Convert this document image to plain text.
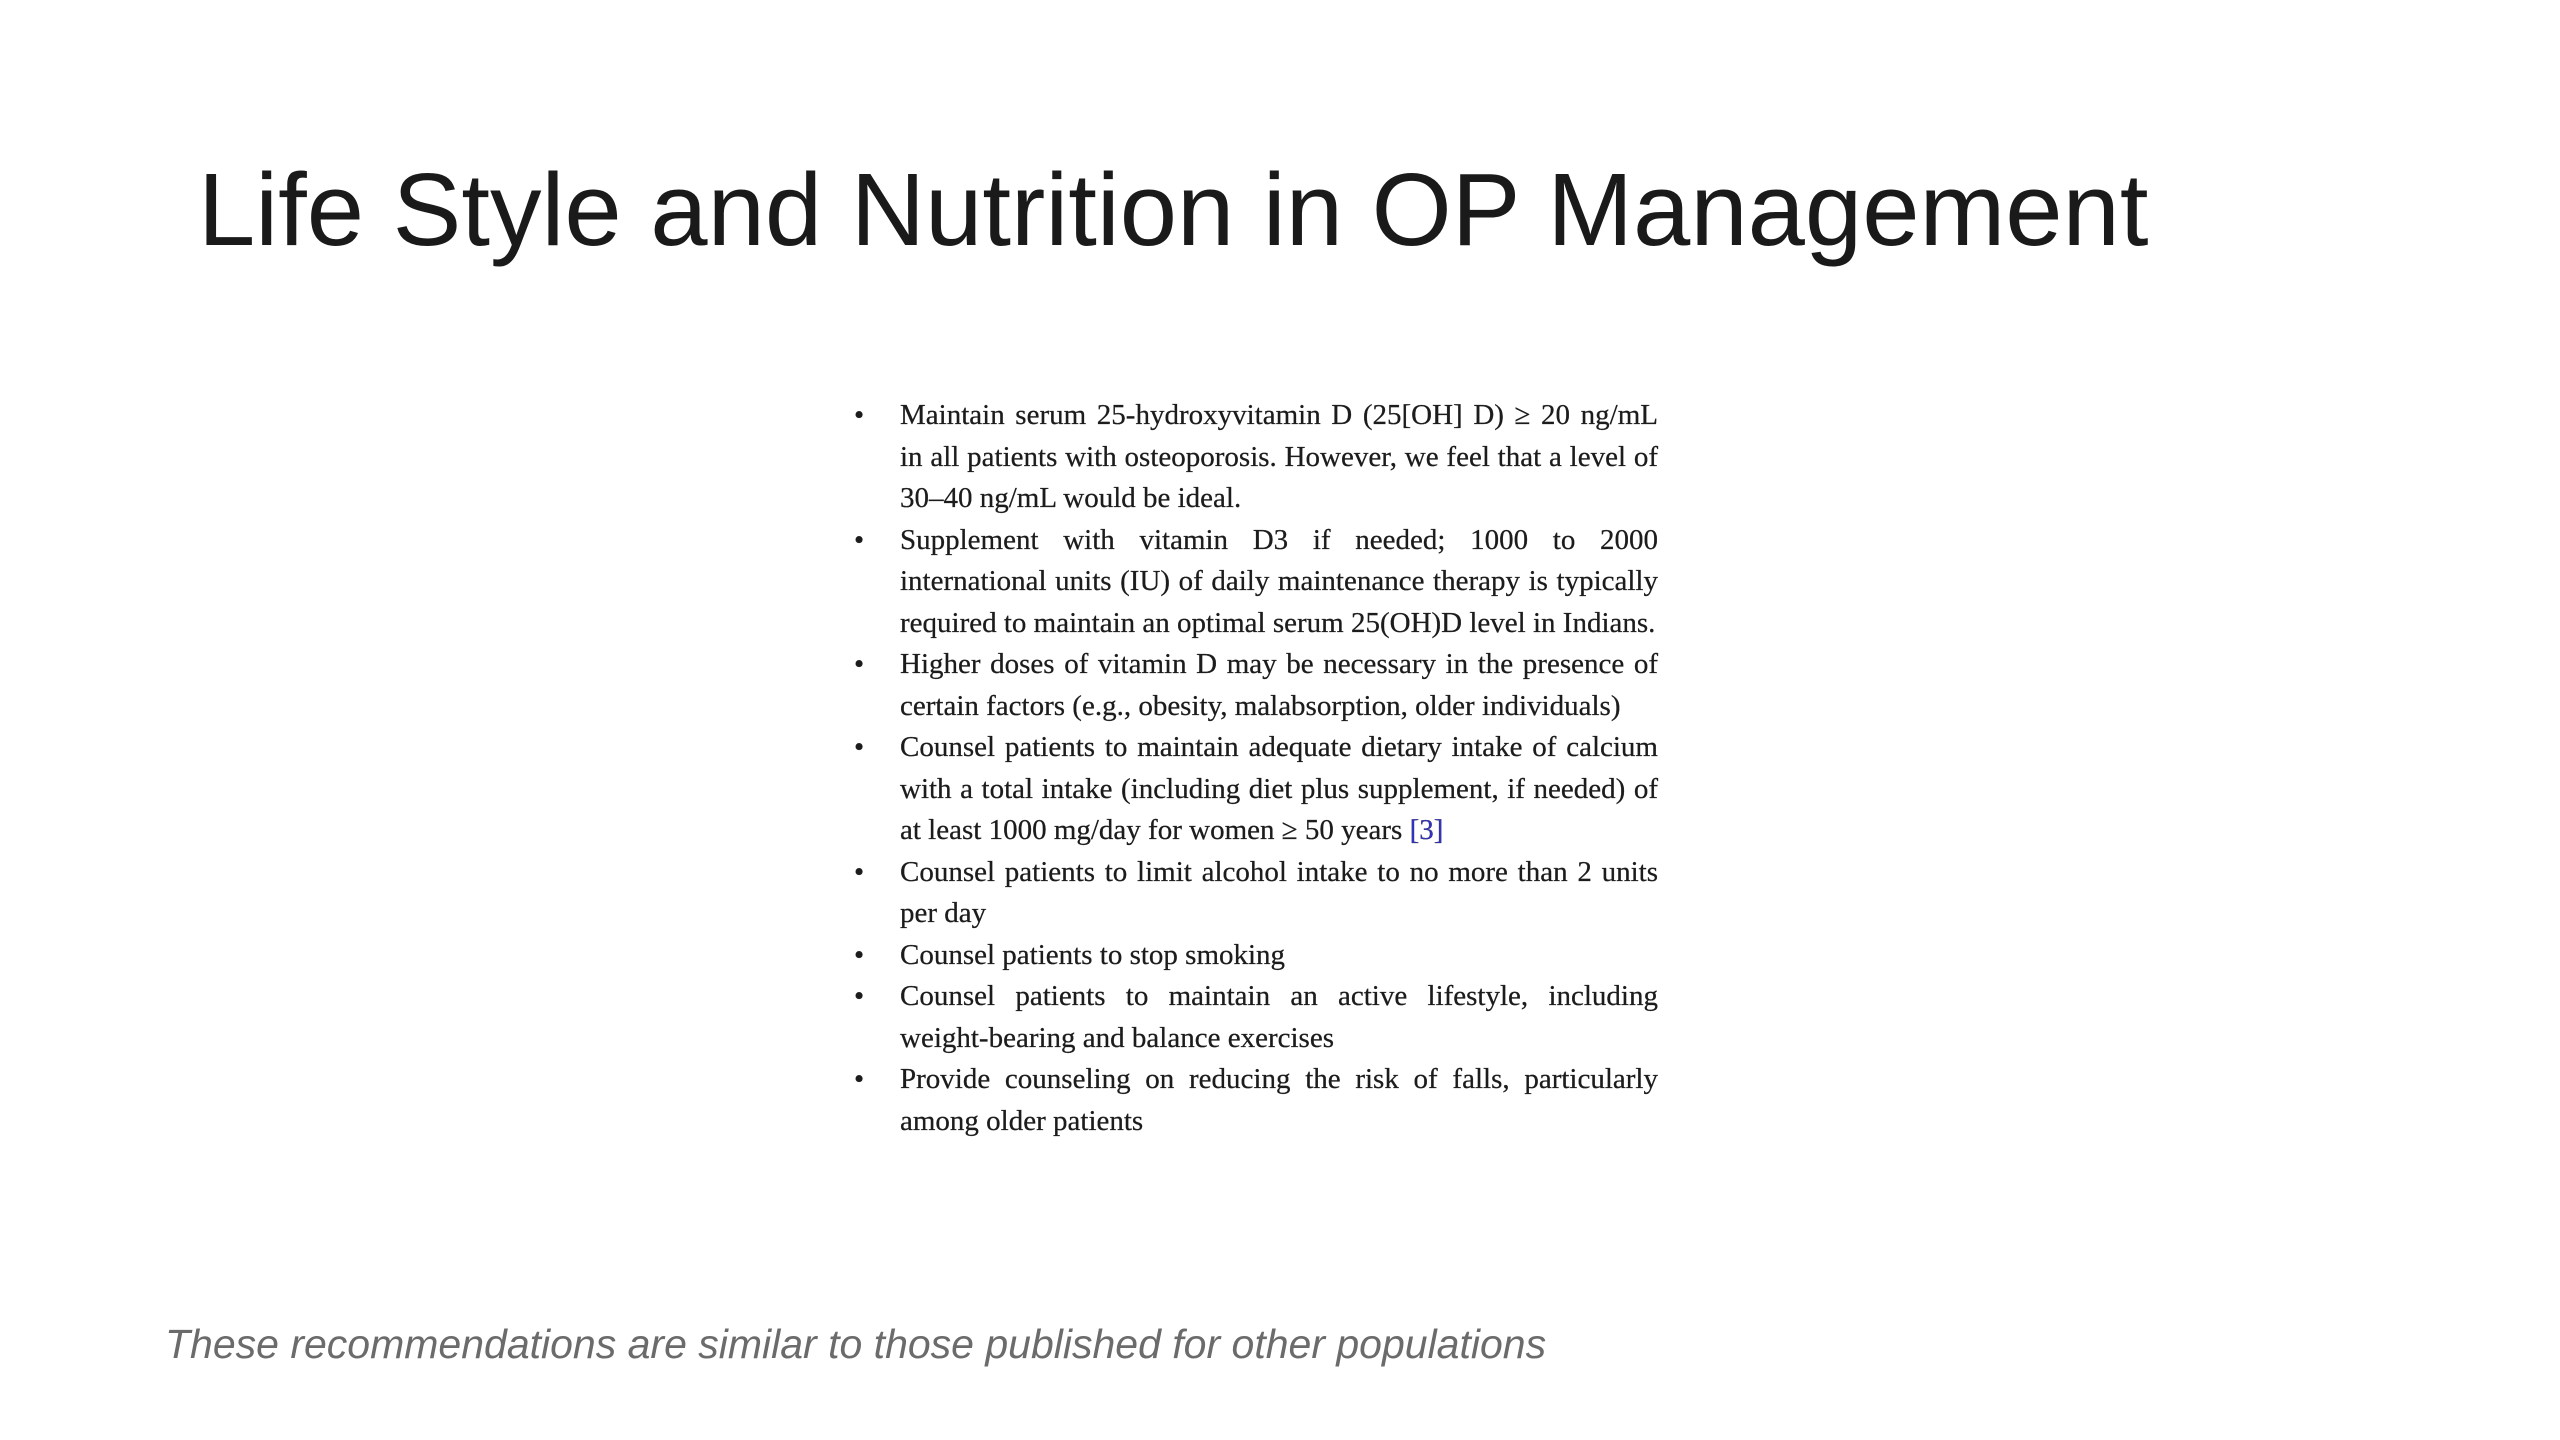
Life Style and Nutrition in OP Management
• Maintain serum 25-hydroxyvitamin D (25[OH] D) ≥ 20 ng/mL in all patients with osteoporosis. However, we feel that a level of 30–40 ng/mL would be ideal.
• Supplement with vitamin D3 if needed; 1000 to 2000 international units (IU) of daily maintenance therapy is typically required to maintain an optimal serum 25(OH)D level in Indians.
• Higher doses of vitamin D may be necessary in the presence of certain factors (e.g., obesity, malabsorption, older individuals)
• Counsel patients to maintain adequate dietary intake of calcium with a total intake (including diet plus supplement, if needed) of at least 1000 mg/day for women ≥ 50 years [3]
• Counsel patients to limit alcohol intake to no more than 2 units per day
• Counsel patients to stop smoking
• Counsel patients to maintain an active lifestyle, including weight-bearing and balance exercises
• Provide counseling on reducing the risk of falls, particularly among older patients

These recommendations are similar to those published for other populations
